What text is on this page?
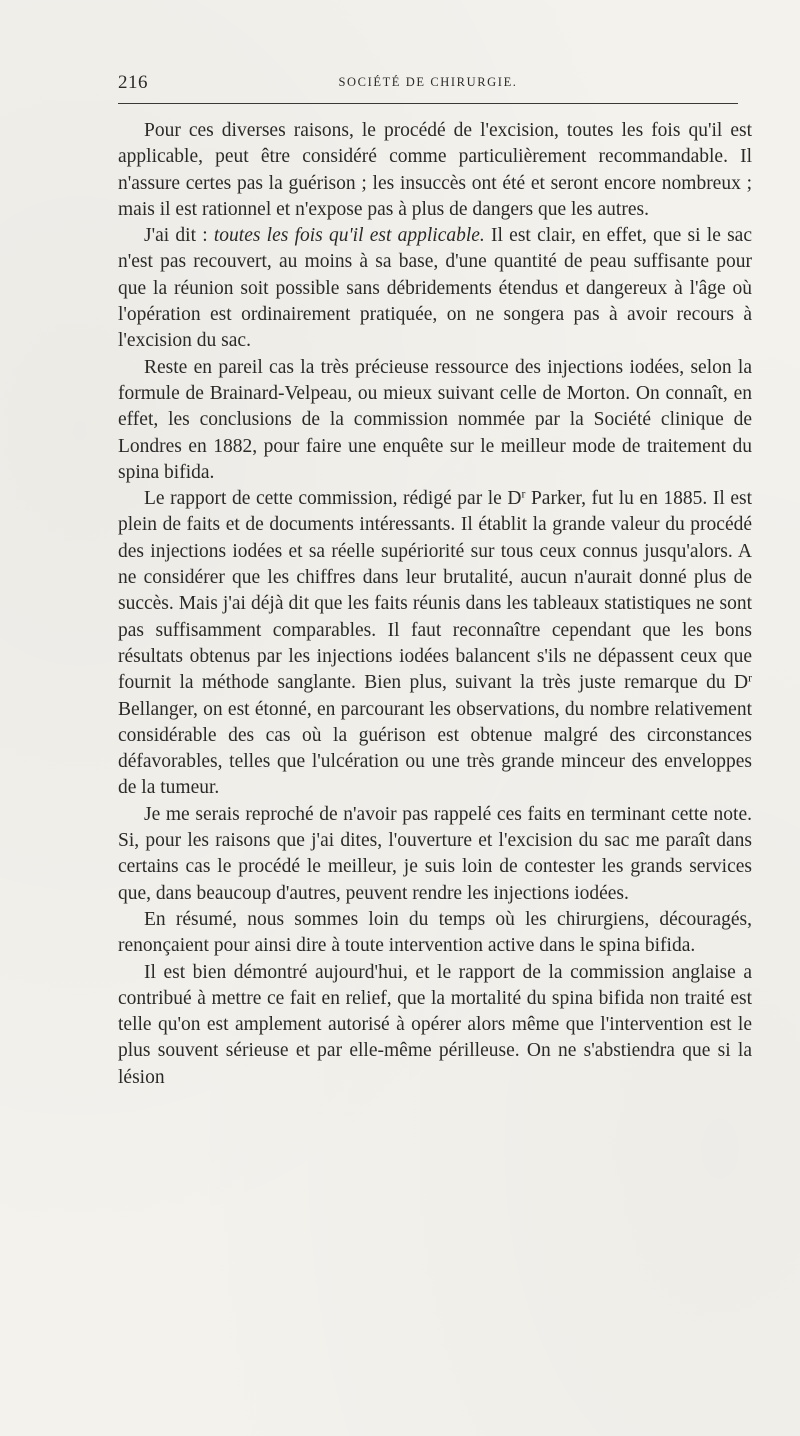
216	SOCIÉTÉ DE CHIRURGIE.

Pour ces diverses raisons, le procédé de l'excision, toutes les fois qu'il est applicable, peut être considéré comme particulièrement recommandable. Il n'assure certes pas la guérison ; les insuccès ont été et seront encore nombreux ; mais il est rationnel et n'expose pas à plus de dangers que les autres.

J'ai dit : toutes les fois qu'il est applicable. Il est clair, en effet, que si le sac n'est pas recouvert, au moins à sa base, d'une quantité de peau suffisante pour que la réunion soit possible sans débridements étendus et dangereux à l'âge où l'opération est ordinairement pratiquée, on ne songera pas à avoir recours à l'excision du sac.

Reste en pareil cas la très précieuse ressource des injections iodées, selon la formule de Brainard-Velpeau, ou mieux suivant celle de Morton. On connaît, en effet, les conclusions de la commission nommée par la Société clinique de Londres en 1882, pour faire une enquête sur le meilleur mode de traitement du spina bifida.

Le rapport de cette commission, rédigé par le $D^r$ Parker, fut lu en 1885. Il est plein de faits et de documents intéressants. Il établit la grande valeur du procédé des injections iodées et sa réelle supériorité sur tous ceux connus jusqu'alors. A ne considérer que les chiffres dans leur brutalité, aucun n'aurait donné plus de succès. Mais j'ai déjà dit que les faits réunis dans les tableaux statistiques ne sont pas suffisamment comparables. Il faut reconnaître cependant que les bons résultats obtenus par les injections iodées balancent s'ils ne dépassent ceux que fournit la méthode sanglante. Bien plus, suivant la très juste remarque du $D^r$ Bellanger, on est étonné, en parcourant les observations, du nombre relativement considérable des cas où la guérison est obtenue malgré des circonstances défavorables, telles que l'ulcération ou une très grande minceur des enveloppes de la tumeur.

Je me serais reproché de n'avoir pas rappelé ces faits en terminant cette note. Si, pour les raisons que j'ai dites, l'ouverture et l'excision du sac me paraît dans certains cas le procédé le meilleur, je suis loin de contester les grands services que, dans beaucoup d'autres, peuvent rendre les injections iodées.

En résumé, nous sommes loin du temps où les chirurgiens, découragés, renonçaient pour ainsi dire à toute intervention active dans le spina bifida.

Il est bien démontré aujourd'hui, et le rapport de la commission anglaise a contribué à mettre ce fait en relief, que la mortalité du spina bifida non traité est telle qu'on est amplement autorisé à opérer alors même que l'intervention est le plus souvent sérieuse et par elle-même périlleuse. On ne s'abstiendra que si la lésion
